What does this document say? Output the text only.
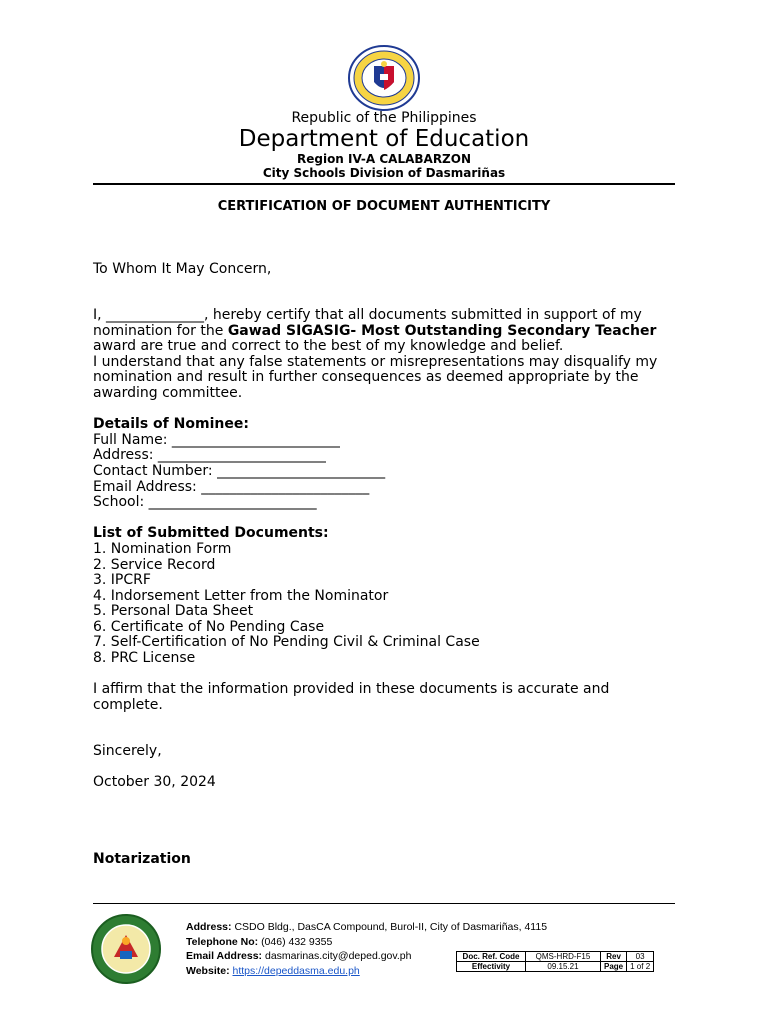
Republic of the Philippines
Department of Education
Region IV-A CALABARZON
City Schools Division of Dasmariñas
CERTIFICATION OF DOCUMENT AUTHENTICITY
To Whom It May Concern,
I, ______________, hereby certify that all documents submitted in support of my nomination for the Gawad SIGASIG- Most Outstanding Secondary Teacher award are true and correct to the best of my knowledge and belief.
I understand that any false statements or misrepresentations may disqualify my nomination and result in further consequences as deemed appropriate by the awarding committee.
Details of Nominee:
Full Name: ________________________
Address: ________________________
Contact Number: ________________________
Email Address: ________________________
School: ________________________
List of Submitted Documents:
1. Nomination Form
2. Service Record
3. IPCRF
4. Indorsement Letter from the Nominator
5. Personal Data Sheet
6. Certificate of No Pending Case
7. Self-Certification of No Pending Civil & Criminal Case
8. PRC License
I affirm that the information provided in these documents is accurate and complete.
Sincerely,
October 30, 2024
Notarization
Address: CSDO Bldg., DasCA Compound, Burol-II, City of Dasmariñas, 4115
Telephone No: (046) 432 9355
Email Address: dasmarinas.city@deped.gov.ph
Website: https://depeddasma.edu.ph
Doc. Ref. Code	QMS-HRD-F15	Rev	03
Effectivity	09.15.21	Page	1 of 2
